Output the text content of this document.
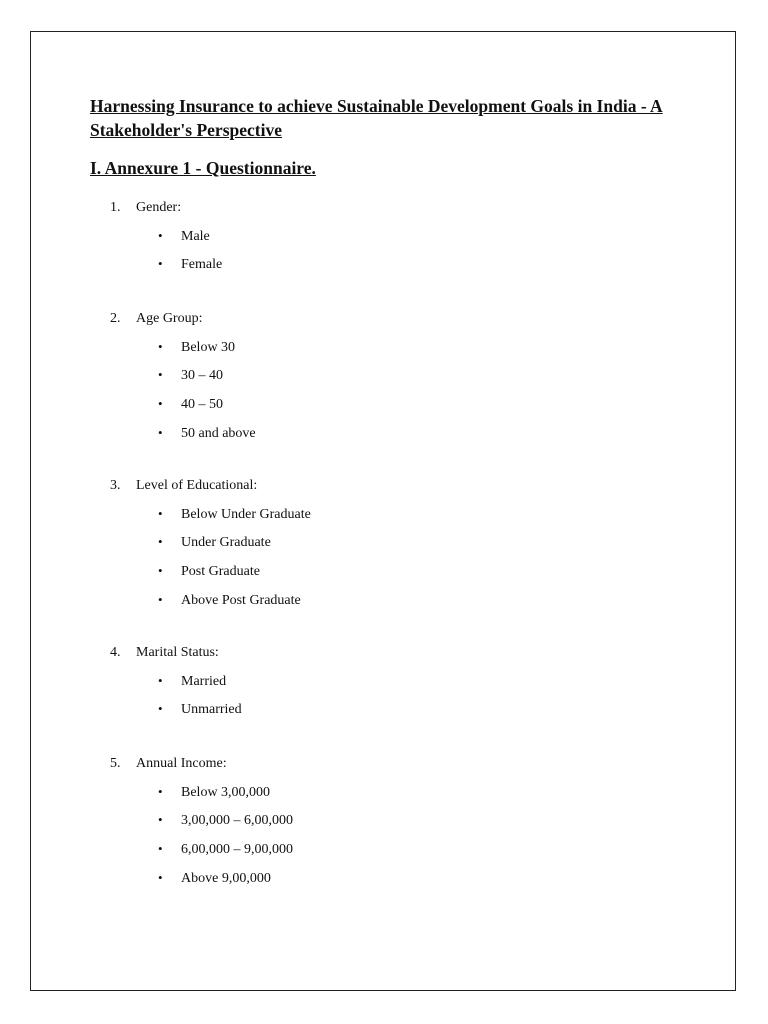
Harnessing Insurance to achieve Sustainable Development Goals in India - A Stakeholder's Perspective
I. Annexure 1 - Questionnaire.
1. Gender:
• Male
• Female
2. Age Group:
• Below 30
• 30 – 40
• 40 – 50
• 50 and above
3. Level of Educational:
• Below Under Graduate
• Under Graduate
• Post Graduate
• Above Post Graduate
4. Marital Status:
• Married
• Unmarried
5. Annual Income:
• Below 3,00,000
• 3,00,000 – 6,00,000
• 6,00,000 – 9,00,000
• Above 9,00,000
